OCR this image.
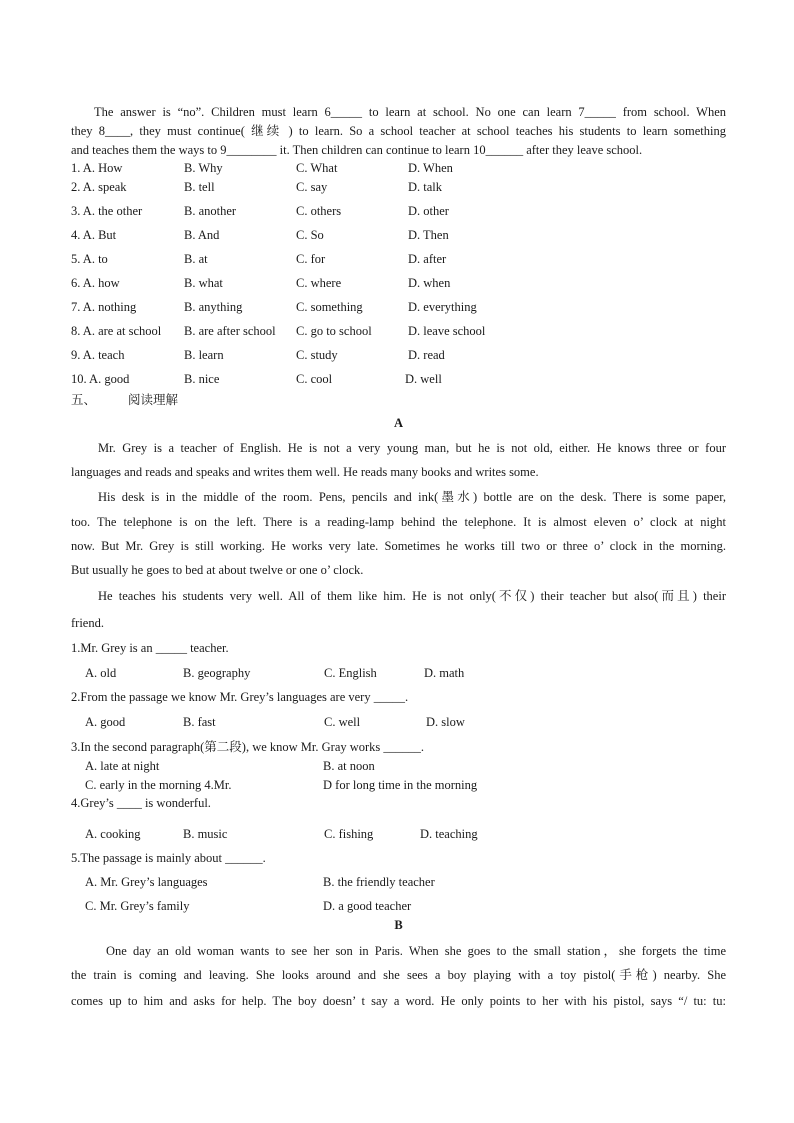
The answer is “no”. Children must learn 6_____ to learn at school. No one can learn 7_____ from school. When
they 8____, they must continue( 继续 ) to learn. So a school teacher at school teaches his students to learn something
and teaches them the ways to 9________ it. Then children can continue to learn 10______ after they leave school.
1. A. How	B. Why	C. What	D. When
2. A. speak	B. tell	C. say	D. talk
3. A. the other	B. another	C. others	D. other
4. A. But	B. And	C. So	D. Then
5. A. to	B. at	C. for	D. after
6. A. how	B. what	C. where	D. when
7. A. nothing	B. anything	C. something	D. everything
8. A. are at school B. are after school C. go to school	D. leave school
9. A. teach	B. learn	C. study	D. read
10. A. good	B. nice	C. cool	D. well
五、	阅读理解
A
Mr. Grey is a teacher of English. He is not a very young man, but he is not old, either. He knows three or four
languages and reads and speaks and writes them well. He reads many books and writes some.
His desk is in the middle of the room. Pens, pencils and ink(墨水) bottle are on the desk. There is some paper,
too. The telephone is on the left. There is a reading-lamp behind the telephone. It is almost eleven o’ clock at night
now. But Mr. Grey is still working. He works very late. Sometimes he works till two or three o’ clock in the morning.
But usually he goes to bed at about twelve or one o’ clock.
He teaches his students very well. All of them like him. He is not only(不仅) their teacher but also(而且) their
friend.
1.Mr. Grey is an _____ teacher.
A. old	B. geography	C. English	D. math
2.From the passage we know Mr. Grey’s languages are very _____.
A. good	B. fast	C. well	D. slow
3.In the second paragraph(第二段), we know Mr. Gray works ______.
A. late at night	B. at noon
C. early in the morning 4.Mr.	D for long time in the morning
4.Grey’s ____ is wonderful.
A. cooking	B. music	C. fishing	D. teaching
5.The passage is mainly about ______.
A. Mr. Grey’s languages	B. the friendly teacher
C. Mr. Grey’s family	D. a good teacher
B
One day an old woman wants to see her son in Paris. When she goes to the small station，she forgets the time
the train is coming and leaving. She looks around and she sees a boy playing with a toy pistol(手枪) nearby. She
comes up to him and asks for help. The boy doesn’ t say a word. He only points to her with his pistol, says “/ tu: tu:
